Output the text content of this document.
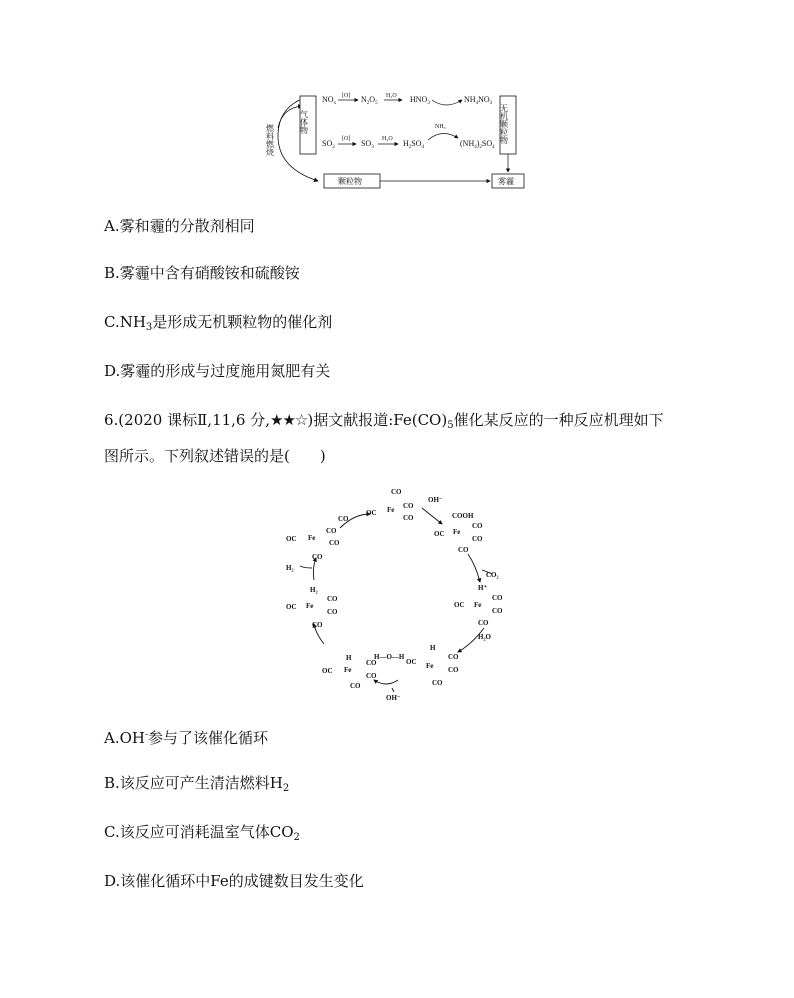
燃料燃烧
气体物
$NO_x$
[O] $N_2O_5$
H₂O $HNO_3$	$NH_4NO_3$
$SO_2$
[O] $SO_3$
H₂O $H_2SO_4$
NH₃
$(NH_4)_2SO_4$
无机颗粒物
颗粒物	雾霾
A.雾和霾的分散剂相同
B.雾霾中含有硝酸铵和硫酸铵
$C.NH_3$是形成无机颗粒物的催化剂
D.雾霾的形成与过度施用氮肥有关
6.(2020 课标Ⅱ,11,6 分,★★☆)据文献报道$:Fe(CO)_5$催化某反应的一种反应机理如下
图所示。下列叙述错误的是(　　)
CO
OC Fe CO
CO
OC Fe
CO
CO
CO
CO
OH⁻
COOH
OC Fe
CO
CO
CO
CO₂
H₂
H₂
OC Fe
CO
CO
CO
H⁺
OC Fe
CO
CO
CO
H₂O
H
OC Fe
CO
CO
CO
H—O—H
H
OC Fe
CO
CO
CO
OH⁻
A.OH-参与了该催化循环
B.该反应可产生清洁燃料$H_2$
C.该反应可消耗温室气体$CO_2$
D.该催化循环中Fe的成键数目发生变化
